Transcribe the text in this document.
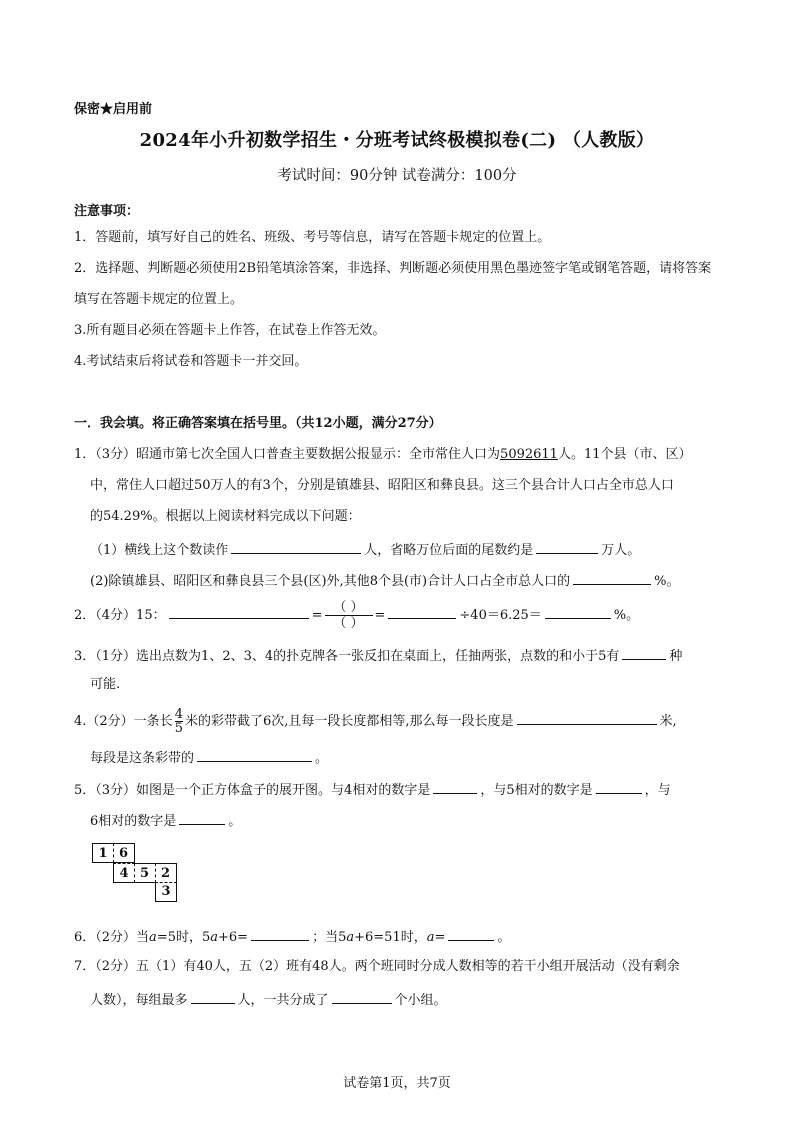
保密★启用前
2024年小升初数学招生・分班考试终极模拟卷(二) （人教版）
考试时间：90分钟 试卷满分：100分
注意事项：
1．答题前，填写好自己的姓名、班级、考号等信息，请写在答题卡规定的位置上。
2．选择题、判断题必须使用2B铅笔填涂答案，非选择、判断题必须使用黑色墨迹签字笔或钢笔答题，请将答案
填写在答题卡规定的位置上。
3.所有题目必须在答题卡上作答，在试卷上作答无效。
4.考试结束后将试卷和答题卡一并交回。
一．我会填。将正确答案填在括号里。（共12小题，满分27分）
1．（3分）昭通市第七次全国人口普查主要数据公报显示：全市常住人口为5092611人。11个县（市、区）
中，常住人口超过50万人的有3个，分别是镇雄县、昭阳区和彝良县。这三个县合计人口占全市总人口
的54.29%。根据以上阅读材料完成以下问题：
（1）横线上这个数读作	人，省略万位后面的尾数约是	万人。
(2)除镇雄县、昭阳区和彝良县三个县(区)外,其他8个县(市)合计人口占全市总人口的	%。
2．（4分）15：	= $\frac{( )}{( )}$ =	÷40＝6.25＝	%。
3．（1分）选出点数为1、2、3、4的扑克牌各一张反扣在桌面上，任抽两张，点数的和小于5有	种
可能.
4.（2分）一条长 $\frac{4}{5}$ 米的彩带截了6次,且每一段长度都相等,那么每一段长度是	米,
每段是这条彩带的	。
5．（3分）如图是一个正方体盒子的展开图。与4相对的数字是	，与5相对的数字是	，与
6相对的数字是	。
1 6
4 5 2
3
6．（2分）当a=5时，5a+6=	；当5a+6=51时，a=	。
7．（2分）五（1）有40人，五（2）班有48人。两个班同时分成人数相等的若干小组开展活动（没有剩余
人数），每组最多	人，一共分成了	个小组。
试卷第1页，共7页
